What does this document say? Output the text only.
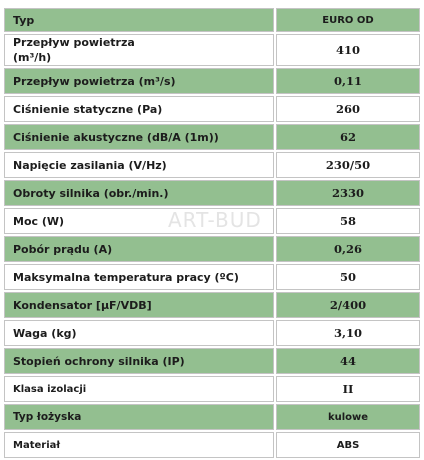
Typ	EURO OD
Przepływ powietrza (m³/h)	410
Przepływ powietrza (m³/s)	0,11
Ciśnienie statyczne (Pa)	260
Ciśnienie akustyczne (dB/A (1m))	62
Napięcie zasilania (V/Hz)	230/50
Obroty silnika (obr./min.)	2330
Moc (W)	58
Pobór prądu (A)	0,26
Maksymalna temperatura pracy (ºC)	50
Kondensator [µF/VDB]	2/400
Waga (kg)	3,10
Stopień ochrony silnika (IP)	44
Klasa izolacji	II
Typ łożyska	kulowe
Materiał	ABS
ART-BUD
